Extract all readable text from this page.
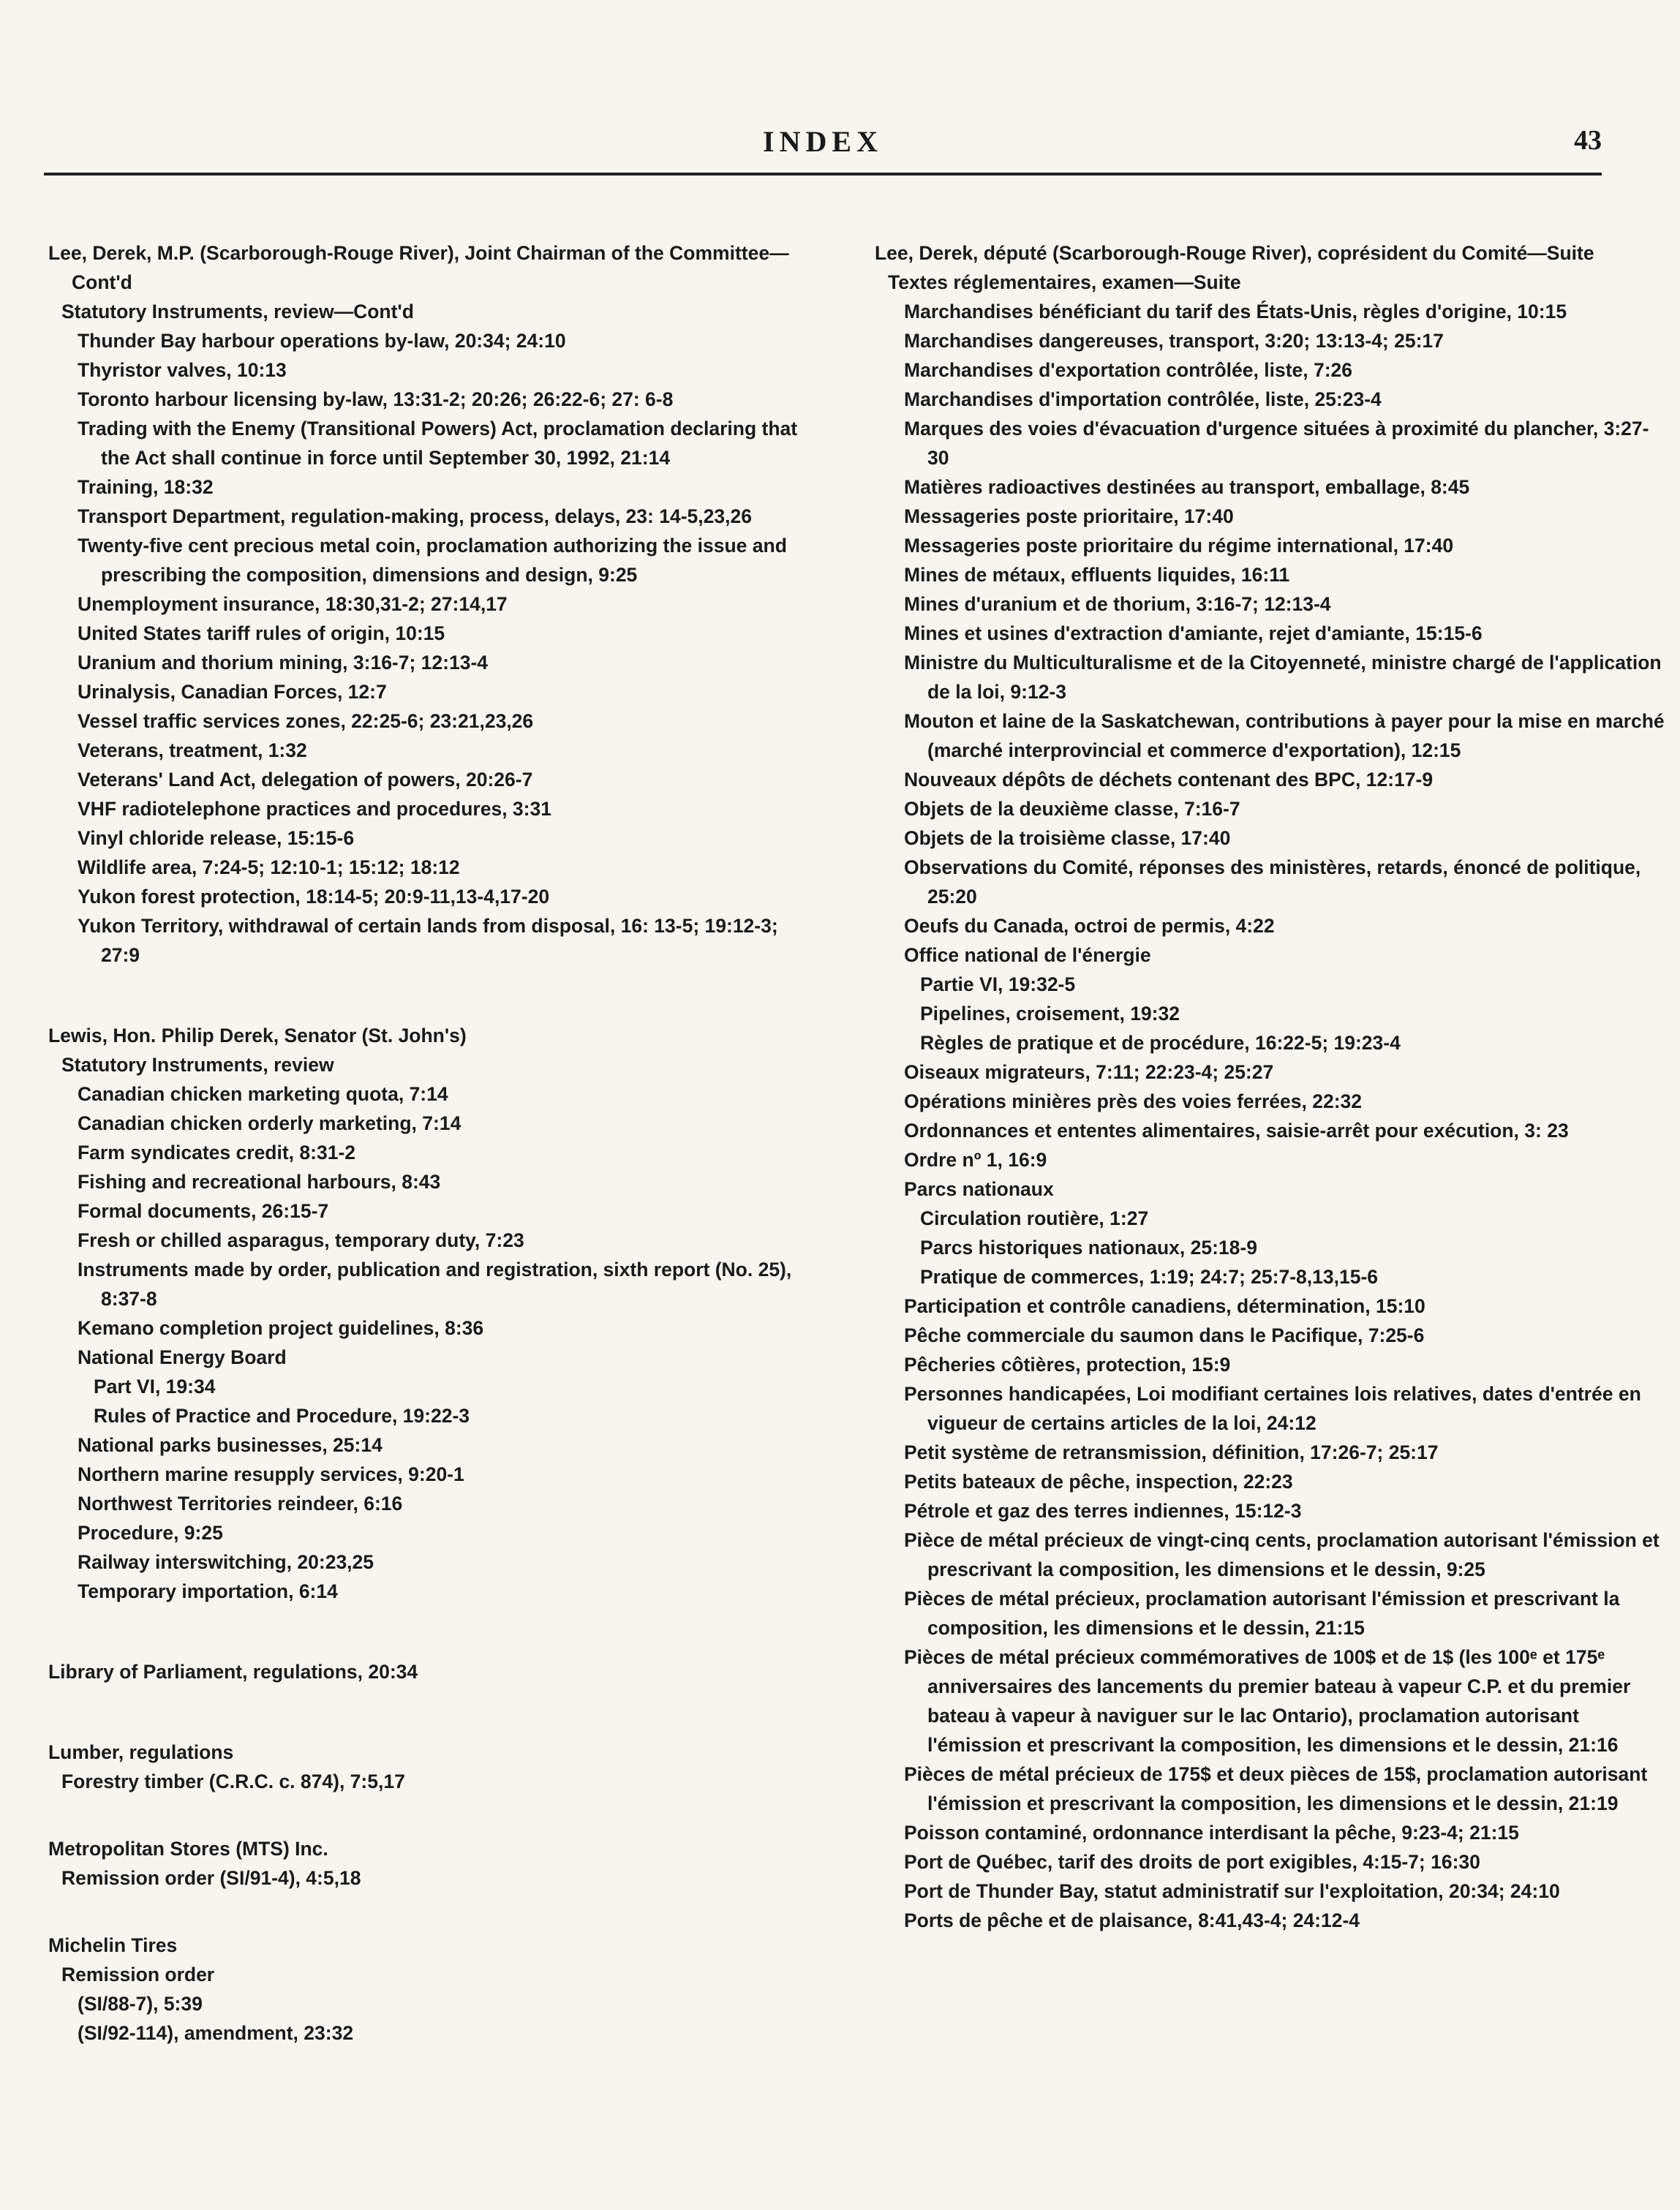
INDEX	43
Lee, Derek, M.P. (Scarborough-Rouge River), Joint Chairman of the Committee—Cont'd
Statutory Instruments, review—Cont'd
Thunder Bay harbour operations by-law, 20:34; 24:10
Thyristor valves, 10:13
Toronto harbour licensing by-law, 13:31-2; 20:26; 26:22-6; 27: 6-8
Trading with the Enemy (Transitional Powers) Act, proclamation declaring that the Act shall continue in force until September 30, 1992, 21:14
Training, 18:32
Transport Department, regulation-making, process, delays, 23: 14-5,23,26
Twenty-five cent precious metal coin, proclamation authorizing the issue and prescribing the composition, dimensions and design, 9:25
Unemployment insurance, 18:30,31-2; 27:14,17
United States tariff rules of origin, 10:15
Uranium and thorium mining, 3:16-7; 12:13-4
Urinalysis, Canadian Forces, 12:7
Vessel traffic services zones, 22:25-6; 23:21,23,26
Veterans, treatment, 1:32
Veterans' Land Act, delegation of powers, 20:26-7
VHF radiotelephone practices and procedures, 3:31
Vinyl chloride release, 15:15-6
Wildlife area, 7:24-5; 12:10-1; 15:12; 18:12
Yukon forest protection, 18:14-5; 20:9-11,13-4,17-20
Yukon Territory, withdrawal of certain lands from disposal, 16: 13-5; 19:12-3; 27:9
Lewis, Hon. Philip Derek, Senator (St. John's)
Statutory Instruments, review
Canadian chicken marketing quota, 7:14
Canadian chicken orderly marketing, 7:14
Farm syndicates credit, 8:31-2
Fishing and recreational harbours, 8:43
Formal documents, 26:15-7
Fresh or chilled asparagus, temporary duty, 7:23
Instruments made by order, publication and registration, sixth report (No. 25), 8:37-8
Kemano completion project guidelines, 8:36
National Energy Board
Part VI, 19:34
Rules of Practice and Procedure, 19:22-3
National parks businesses, 25:14
Northern marine resupply services, 9:20-1
Northwest Territories reindeer, 6:16
Procedure, 9:25
Railway interswitching, 20:23,25
Temporary importation, 6:14
Library of Parliament, regulations, 20:34
Lumber, regulations
Forestry timber (C.R.C. c. 874), 7:5,17
Metropolitan Stores (MTS) Inc.
Remission order (SI/91-4), 4:5,18
Michelin Tires
Remission order
(SI/88-7), 5:39
(SI/92-114), amendment, 23:32
Lee, Derek, député (Scarborough-Rouge River), coprésident du Comité—Suite
Textes réglementaires, examen—Suite
Marchandises bénéficiant du tarif des États-Unis, règles d'origine, 10:15
Marchandises dangereuses, transport, 3:20; 13:13-4; 25:17
Marchandises d'exportation contrôlée, liste, 7:26
Marchandises d'importation contrôlée, liste, 25:23-4
Marques des voies d'évacuation d'urgence situées à proximité du plancher, 3:27-30
Matières radioactives destinées au transport, emballage, 8:45
Messageries poste prioritaire, 17:40
Messageries poste prioritaire du régime international, 17:40
Mines de métaux, effluents liquides, 16:11
Mines d'uranium et de thorium, 3:16-7; 12:13-4
Mines et usines d'extraction d'amiante, rejet d'amiante, 15:15-6
Ministre du Multiculturalisme et de la Citoyenneté, ministre chargé de l'application de la loi, 9:12-3
Mouton et laine de la Saskatchewan, contributions à payer pour la mise en marché (marché interprovincial et commerce d'exportation), 12:15
Nouveaux dépôts de déchets contenant des BPC, 12:17-9
Objets de la deuxième classe, 7:16-7
Objets de la troisième classe, 17:40
Observations du Comité, réponses des ministères, retards, énoncé de politique, 25:20
Oeufs du Canada, octroi de permis, 4:22
Office national de l'énergie
Partie VI, 19:32-5
Pipelines, croisement, 19:32
Règles de pratique et de procédure, 16:22-5; 19:23-4
Oiseaux migrateurs, 7:11; 22:23-4; 25:27
Opérations minières près des voies ferrées, 22:32
Ordonnances et ententes alimentaires, saisie-arrêt pour exécution, 3: 23
Ordre nº 1, 16:9
Parcs nationaux
Circulation routière, 1:27
Parcs historiques nationaux, 25:18-9
Pratique de commerces, 1:19; 24:7; 25:7-8,13,15-6
Participation et contrôle canadiens, détermination, 15:10
Pêche commerciale du saumon dans le Pacifique, 7:25-6
Pêcheries côtières, protection, 15:9
Personnes handicapées, Loi modifiant certaines lois relatives, dates d'entrée en vigueur de certains articles de la loi, 24:12
Petit système de retransmission, définition, 17:26-7; 25:17
Petits bateaux de pêche, inspection, 22:23
Pétrole et gaz des terres indiennes, 15:12-3
Pièce de métal précieux de vingt-cinq cents, proclamation autorisant l'émission et prescrivant la composition, les dimensions et le dessin, 9:25
Pièces de métal précieux, proclamation autorisant l'émission et prescrivant la composition, les dimensions et le dessin, 21:15
Pièces de métal précieux commémoratives de 100$ et de 1$ (les 100ᵉ et 175ᵉ anniversaires des lancements du premier bateau à vapeur C.P. et du premier bateau à vapeur à naviguer sur le lac Ontario), proclamation autorisant l'émission et prescrivant la composition, les dimensions et le dessin, 21:16
Pièces de métal précieux de 175$ et deux pièces de 15$, proclamation autorisant l'émission et prescrivant la composition, les dimensions et le dessin, 21:19
Poisson contaminé, ordonnance interdisant la pêche, 9:23-4; 21:15
Port de Québec, tarif des droits de port exigibles, 4:15-7; 16:30
Port de Thunder Bay, statut administratif sur l'exploitation, 20:34; 24:10
Ports de pêche et de plaisance, 8:41,43-4; 24:12-4
